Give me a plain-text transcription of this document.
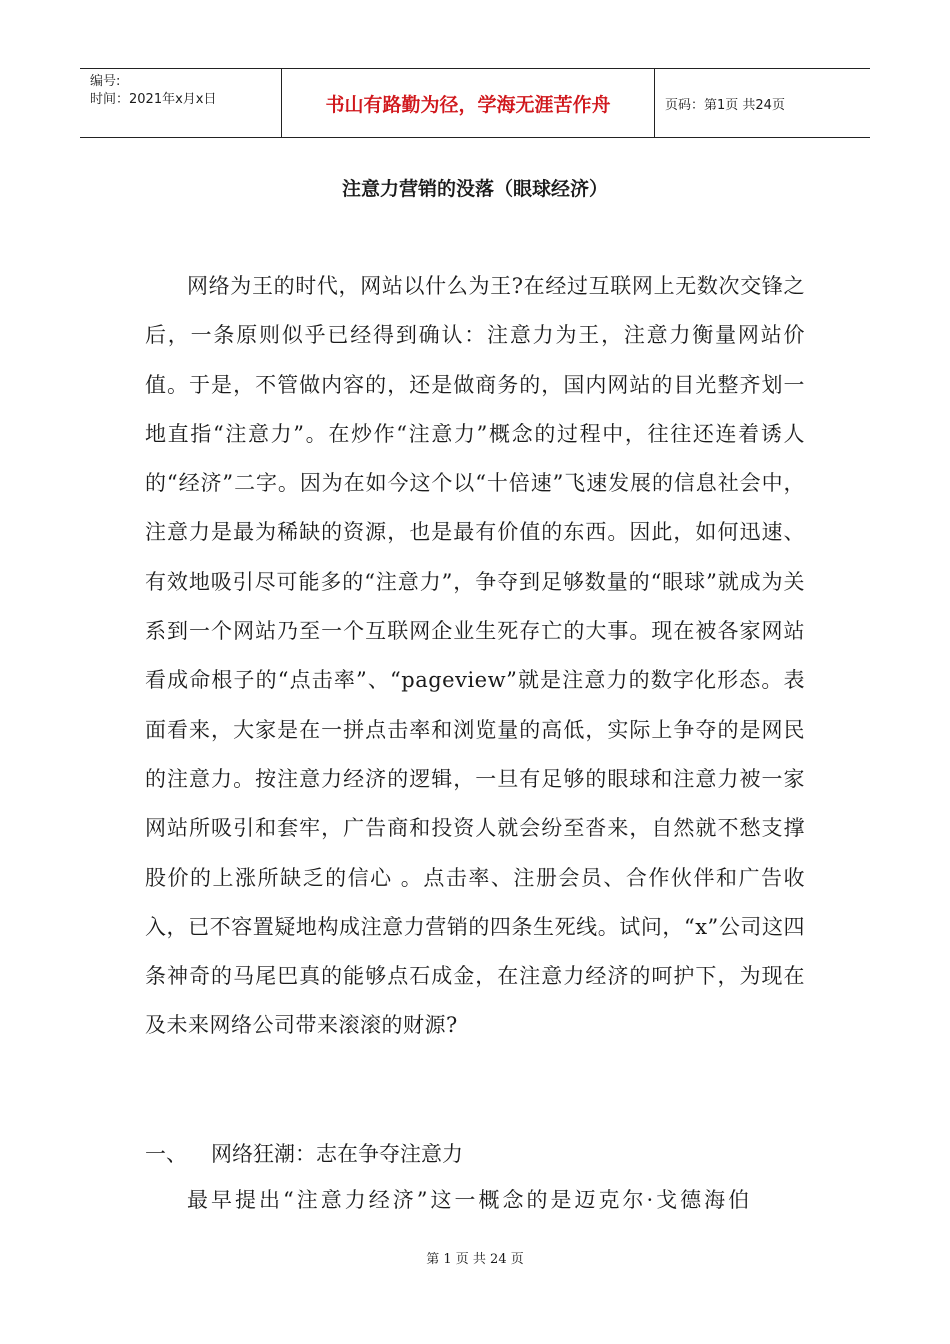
编号:
时间：2021年x月x日	书山有路勤为径，学海无涯苦作舟	页码：第1页 共24页
注意力营销的没落（眼球经济）

网络为王的时代，网站以什么为王?在经过互联网上无数次交锋之后，一条原则似乎已经得到确认：注意力为王，注意力衡量网站价值。于是，不管做内容的，还是做商务的，国内网站的目光整齐划一地直指“注意力”。在炒作“注意力”概念的过程中，往往还连着诱人的“经济”二字。因为在如今这个以“十倍速”飞速发展的信息社会中，注意力是最为稀缺的资源，也是最有价值的东西。因此，如何迅速、有效地吸引尽可能多的“注意力”，争夺到足够数量的“眼球”就成为关系到一个网站乃至一个互联网企业生死存亡的大事。现在被各家网站看成命根子的“点击率”、“pageview”就是注意力的数字化形态。表面看来，大家是在一拼点击率和浏览量的高低，实际上争夺的是网民的注意力。按注意力经济的逻辑，一旦有足够的眼球和注意力被一家网站所吸引和套牢，广告商和投资人就会纷至沓来，自然就不愁支撑股价的上涨所缺乏的信心 。点击率、注册会员、合作伙伴和广告收入，已不容置疑地构成注意力营销的四条生死线。试问，“x”公司这四条神奇的马尾巴真的能够点石成金，在注意力经济的呵护下，为现在及未来网络公司带来滚滚的财源?

一、 网络狂潮：志在争夺注意力

最早提出“注意力经济”这一概念的是迈克尔·戈德海伯

第 1 页 共 24 页
